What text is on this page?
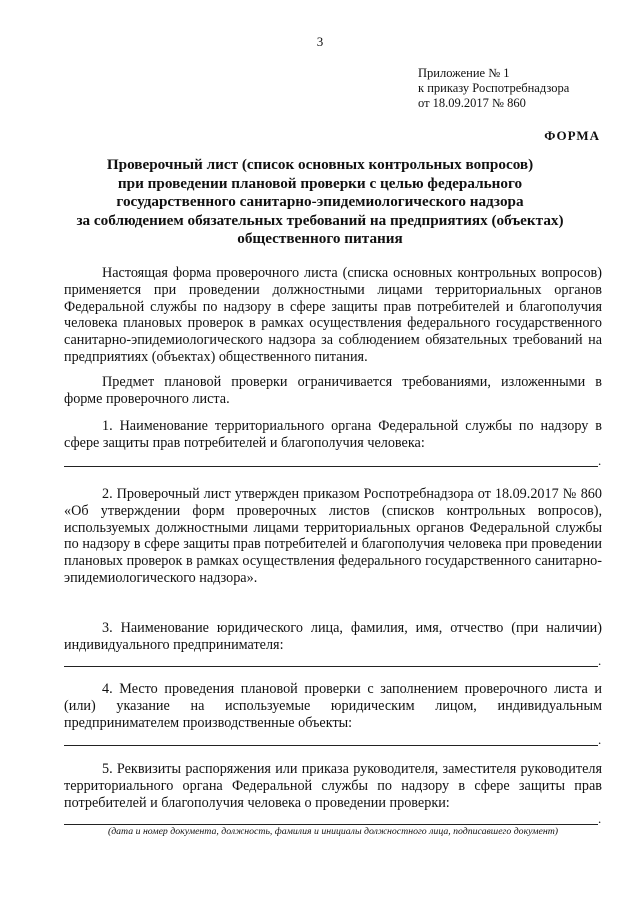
3
Приложение № 1
к приказу Роспотребнадзора
от 18.09.2017 № 860
ФОРМА
Проверочный лист (список основных контрольных вопросов)
при проведении плановой проверки с целью федерального
государственного санитарно-эпидемиологического надзора
за соблюдением обязательных требований на предприятиях (объектах)
общественного питания
Настоящая форма проверочного листа (списка основных контрольных вопросов) применяется при проведении должностными лицами территориальных органов Федеральной службы по надзору в сфере защиты прав потребителей и благополучия человека плановых проверок в рамках осуществления федерального государственного санитарно-эпидемиологического надзора за соблюдением обязательных требований на предприятиях (объектах) общественного питания.
Предмет плановой проверки ограничивается требованиями, изложенными в форме проверочного листа.
1. Наименование территориального органа Федеральной службы по надзору в сфере защиты прав потребителей и благополучия человека:
.
2. Проверочный лист утвержден приказом Роспотребнадзора от 18.09.2017 № 860 «Об утверждении форм проверочных листов (списков контрольных вопросов), используемых должностными лицами территориальных органов Федеральной службы по надзору в сфере защиты прав потребителей и благополучия человека при проведении плановых проверок в рамках осуществления федерального государственного санитарно-эпидемиологического надзора».
3. Наименование юридического лица, фамилия, имя, отчество (при наличии) индивидуального предпринимателя:
.
4. Место проведения плановой проверки с заполнением проверочного листа и (или) указание на используемые юридическим лицом, индивидуальным предпринимателем производственные объекты:
.
5. Реквизиты распоряжения или приказа руководителя, заместителя руководителя территориального органа Федеральной службы по надзору в сфере защиты прав потребителей и благополучия человека о проведении проверки:
.
(дата и номер документа, должность, фамилия и инициалы должностного лица, подписавшего документ)
